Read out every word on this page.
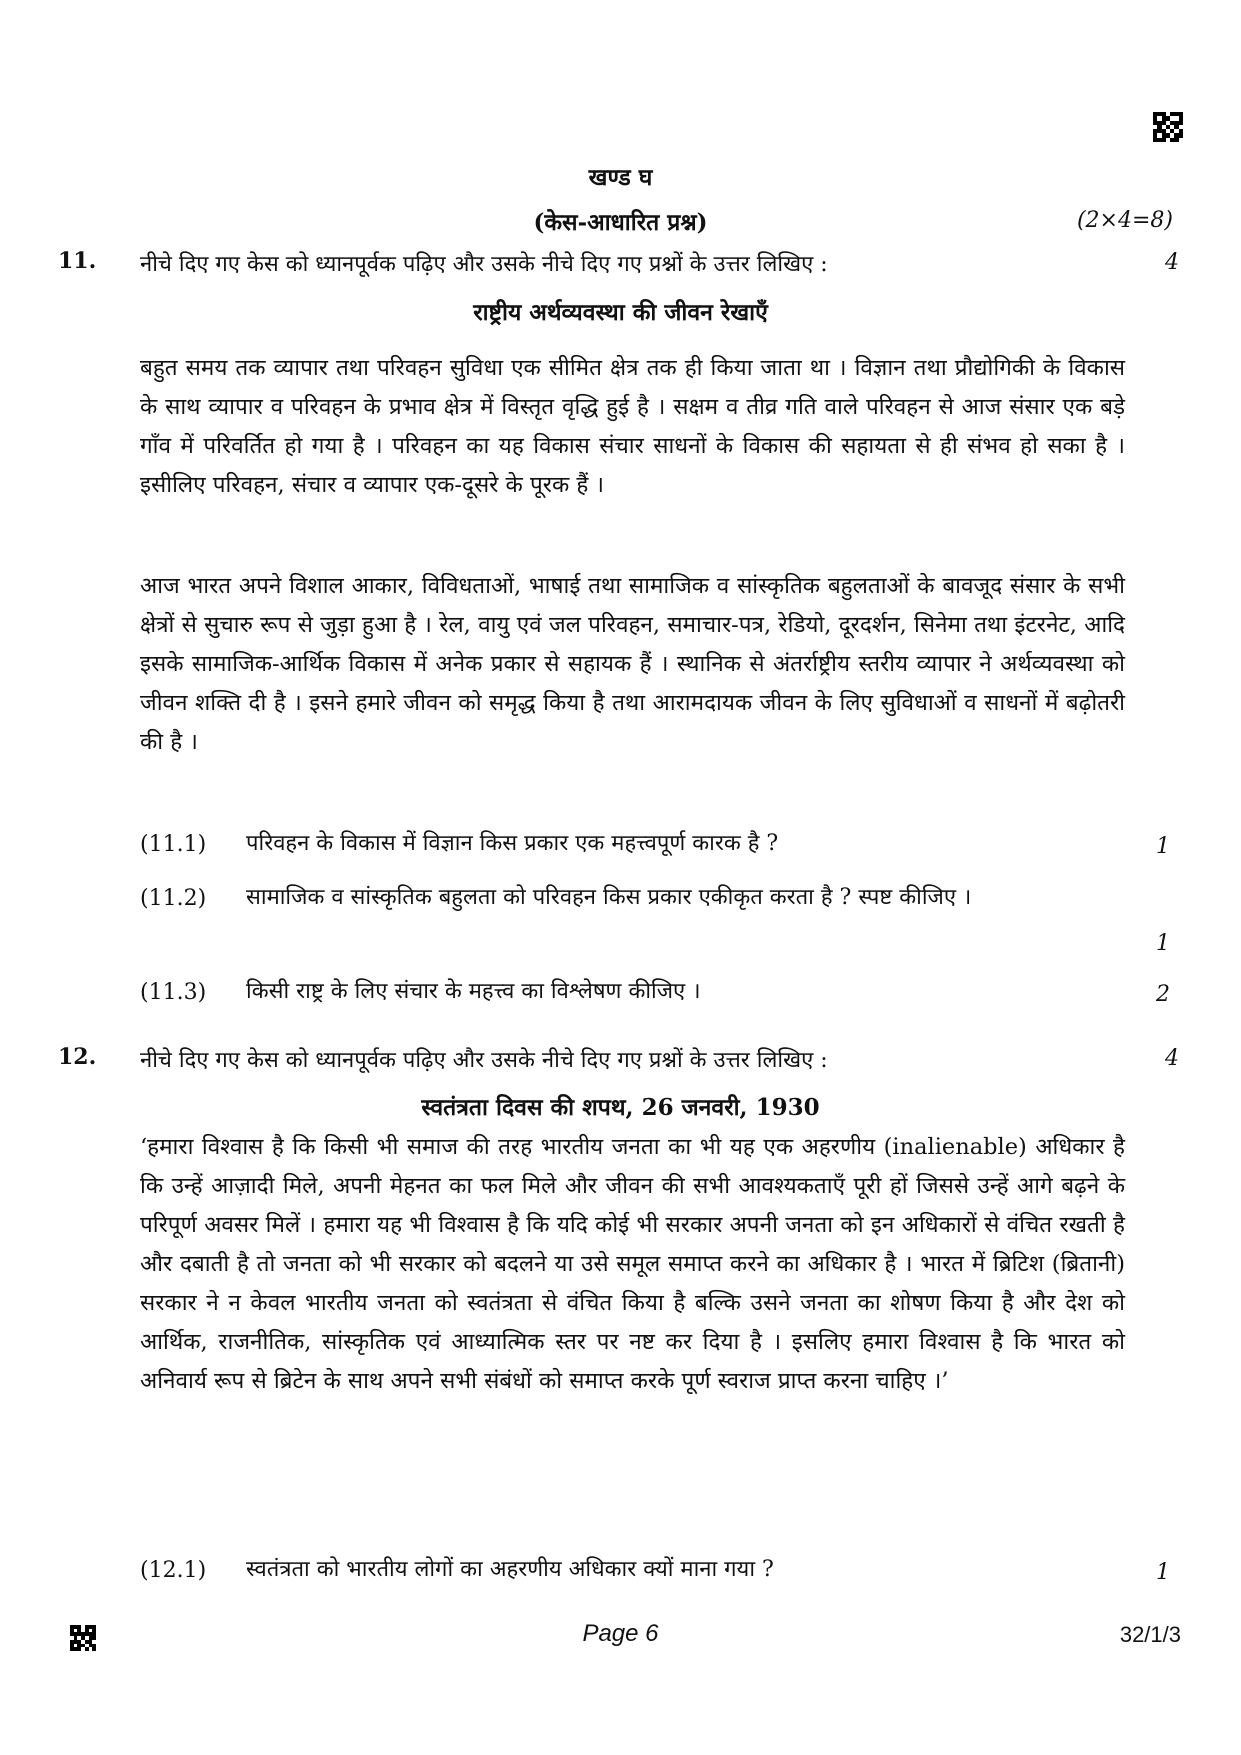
खण्ड घ
(केस-आधारित प्रश्न)	(2×4=8)
11. नीचे दिए गए केस को ध्यानपूर्वक पढ़िए और उसके नीचे दिए गए प्रश्नों के उत्तर लिखिए :	4
राष्ट्रीय अर्थव्यवस्था की जीवन रेखाएँ

बहुत समय तक व्यापार तथा परिवहन सुविधा एक सीमित क्षेत्र तक ही किया जाता था । विज्ञान तथा प्रौद्योगिकी के विकास के साथ व्यापार व परिवहन के प्रभाव क्षेत्र में विस्तृत वृद्धि हुई है । सक्षम व तीव्र गति वाले परिवहन से आज संसार एक बड़े गाँव में परिवर्तित हो गया है । परिवहन का यह विकास संचार साधनों के विकास की सहायता से ही संभव हो सका है । इसीलिए परिवहन, संचार व व्यापार एक-दूसरे के पूरक हैं ।

आज भारत अपने विशाल आकार, विविधताओं, भाषाई तथा सामाजिक व सांस्कृतिक बहुलताओं के बावजूद संसार के सभी क्षेत्रों से सुचारु रूप से जुड़ा हुआ है । रेल, वायु एवं जल परिवहन, समाचार-पत्र, रेडियो, दूरदर्शन, सिनेमा तथा इंटरनेट, आदि इसके सामाजिक-आर्थिक विकास में अनेक प्रकार से सहायक हैं । स्थानिक से अंतर्राष्ट्रीय स्तरीय व्यापार ने अर्थव्यवस्था को जीवन शक्ति दी है । इसने हमारे जीवन को समृद्ध किया है तथा आरामदायक जीवन के लिए सुविधाओं व साधनों में बढ़ोतरी की है ।

(11.1) परिवहन के विकास में विज्ञान किस प्रकार एक महत्त्वपूर्ण कारक है ?	1
(11.2) सामाजिक व सांस्कृतिक बहुलता को परिवहन किस प्रकार एकीकृत करता है ? स्पष्ट कीजिए ।
1
(11.3) किसी राष्ट्र के लिए संचार के महत्त्व का विश्लेषण कीजिए ।	2
12. नीचे दिए गए केस को ध्यानपूर्वक पढ़िए और उसके नीचे दिए गए प्रश्नों के उत्तर लिखिए :	4
स्वतंत्रता दिवस की शपथ, 26 जनवरी, 1930

‘हमारा विश्वास है कि किसी भी समाज की तरह भारतीय जनता का भी यह एक अहरणीय (inalienable) अधिकार है कि उन्हें आज़ादी मिले, अपनी मेहनत का फल मिले और जीवन की सभी आवश्यकताएँ पूरी हों जिससे उन्हें आगे बढ़ने के परिपूर्ण अवसर मिलें । हमारा यह भी विश्वास है कि यदि कोई भी सरकार अपनी जनता को इन अधिकारों से वंचित रखती है और दबाती है तो जनता को भी सरकार को बदलने या उसे समूल समाप्त करने का अधिकार है । भारत में ब्रिटिश (ब्रितानी) सरकार ने न केवल भारतीय जनता को स्वतंत्रता से वंचित किया है बल्कि उसने जनता का शोषण किया है और देश को आर्थिक, राजनीतिक, सांस्कृतिक एवं आध्यात्मिक स्तर पर नष्ट कर दिया है । इसलिए हमारा विश्वास है कि भारत को अनिवार्य रूप से ब्रिटेन के साथ अपने सभी संबंधों को समाप्त करके पूर्ण स्वराज प्राप्त करना चाहिए ।’

(12.1) स्वतंत्रता को भारतीय लोगों का अहरणीय अधिकार क्यों माना गया ?	1
Page 6	32/1/3
